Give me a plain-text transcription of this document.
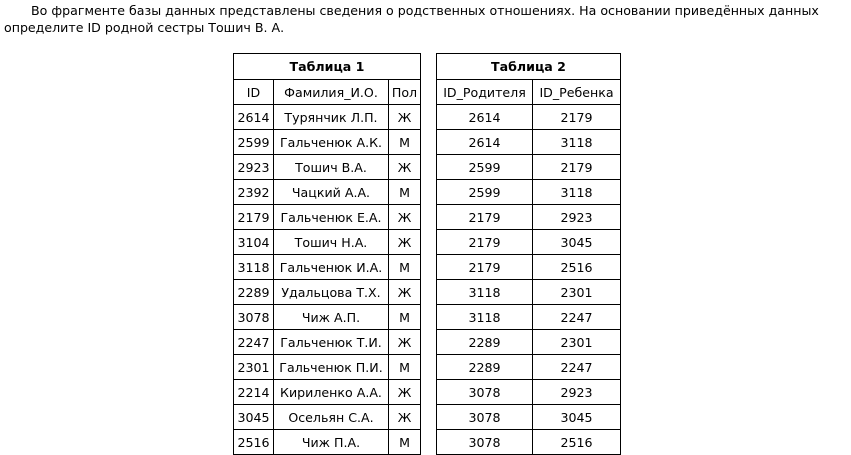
Во фрагменте базы данных представлены сведения о родственных отношениях. На основании приведённых данных определите ID родной сестры Тошич В. А.

Таблица 1		
ID	Фамилия_И.О.	Пол
2614	Турянчик Л.П.	Ж
2599	Гальченюк А.К.	М
2923	Тошич В.А.	Ж
2392	Чацкий А.А.	М
2179	Гальченюк Е.А.	Ж
3104	Тошич Н.А.	Ж
3118	Гальченюк И.А.	М
2289	Удальцова Т.Х.	Ж
3078	Чиж А.П.	М
2247	Гальченюк Т.И.	Ж
2301	Гальченюк П.И.	М
2214	Кириленко А.А.	Ж
3045	Осельян С.А.	Ж
2516	Чиж П.А.	М
Таблица 2	
ID_Родителя	ID_Ребенка
2614	2179
2614	3118
2599	2179
2599	3118
2179	2923
2179	3045
2179	2516
3118	2301
3118	2247
2289	2301
2289	2247
3078	2923
3078	3045
3078	2516
